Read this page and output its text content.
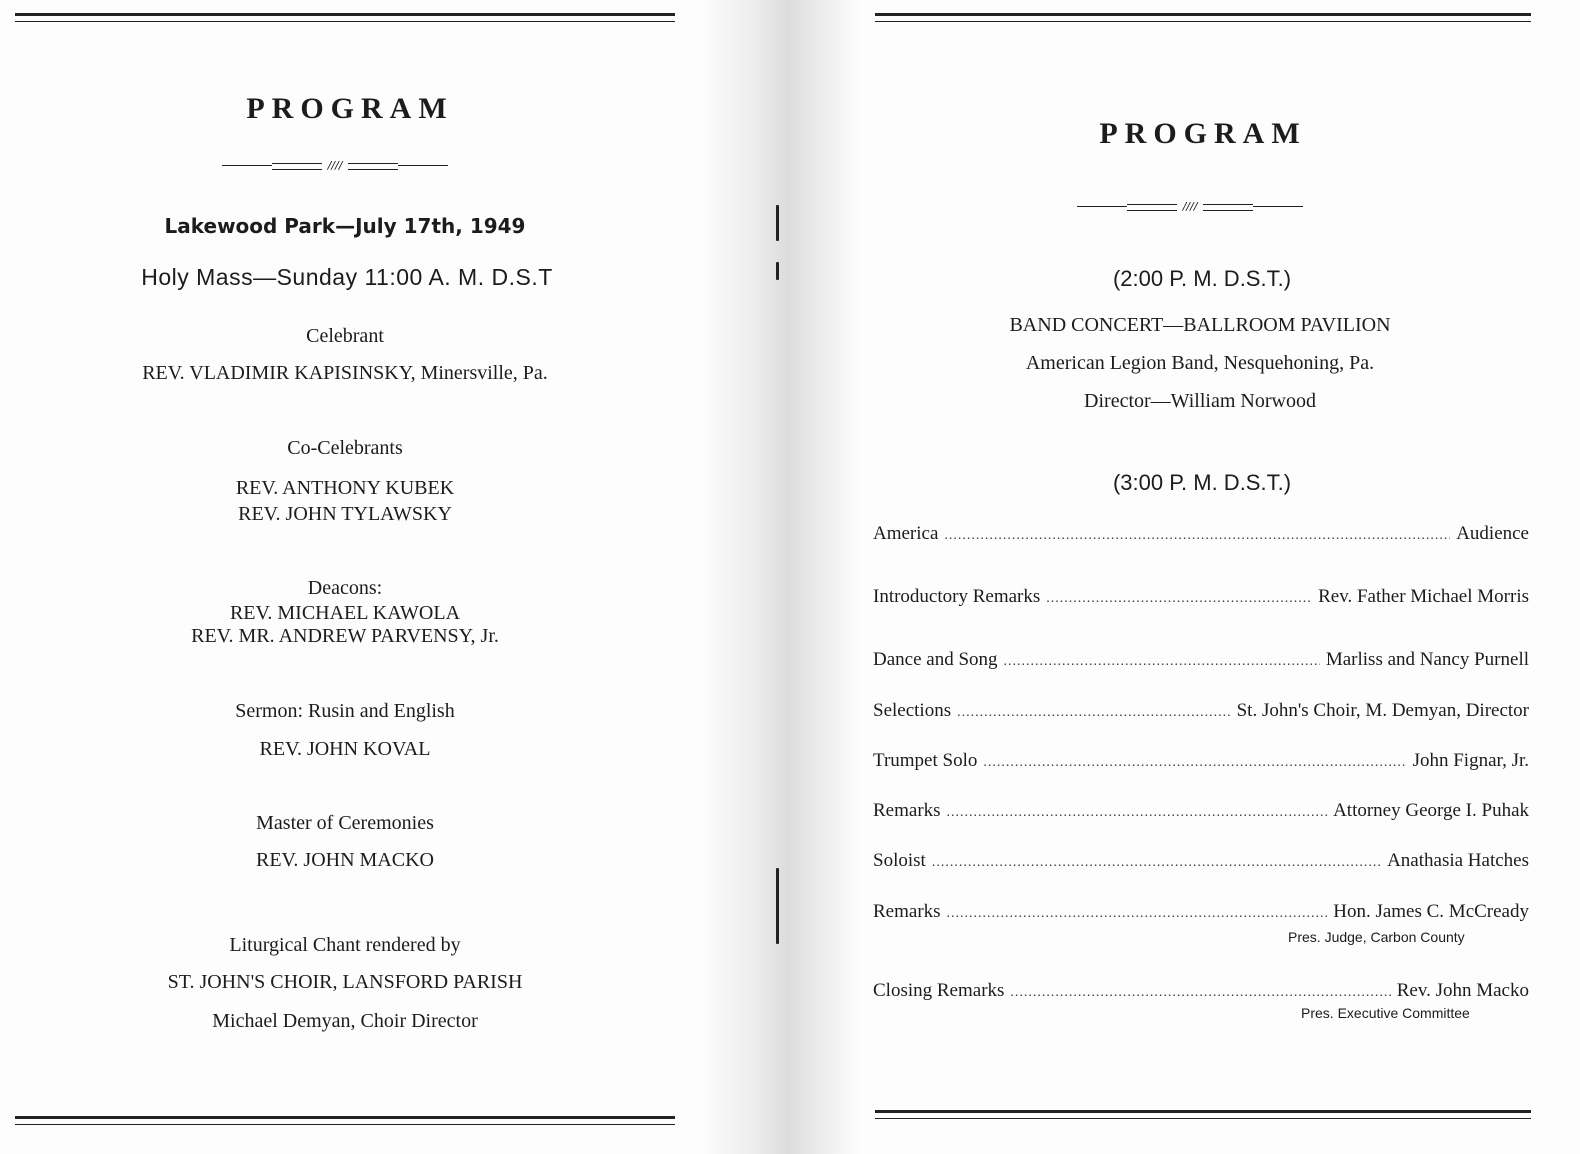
PROGRAM
////
Lakewood Park—July 17th, 1949
Holy Mass—Sunday 11:00 A. M. D.S.T
Celebrant
REV. VLADIMIR KAPISINSKY, Minersville, Pa.
Co-Celebrants
REV. ANTHONY KUBEK
REV. JOHN TYLAWSKY
Deacons:
REV. MICHAEL KAWOLA
REV. MR. ANDREW PARVENSY, Jr.
Sermon: Rusin and English
REV. JOHN KOVAL
Master of Ceremonies
REV. JOHN MACKO
Liturgical Chant rendered by
ST. JOHN'S CHOIR, LANSFORD PARISH
Michael Demyan, Choir Director
PROGRAM
////
(2:00 P. M. D.S.T.)
BAND CONCERT—BALLROOM PAVILION
American Legion Band, Nesquehoning, Pa.
Director—William Norwood
(3:00 P. M. D.S.T.)
America .....	Audience
Introductory Remarks .....	Rev. Father Michael Morris
Dance and Song .....	Marliss and Nancy Purnell
Selections .....	St. John's Choir, M. Demyan, Director
Trumpet Solo .....	John Fignar, Jr.
Remarks .....	Attorney George I. Puhak
Soloist .....	Anathasia Hatches
Remarks .....	Hon. James C. McCready
Pres. Judge, Carbon County
Closing Remarks .....	Rev. John Macko
Pres. Executive Committee
